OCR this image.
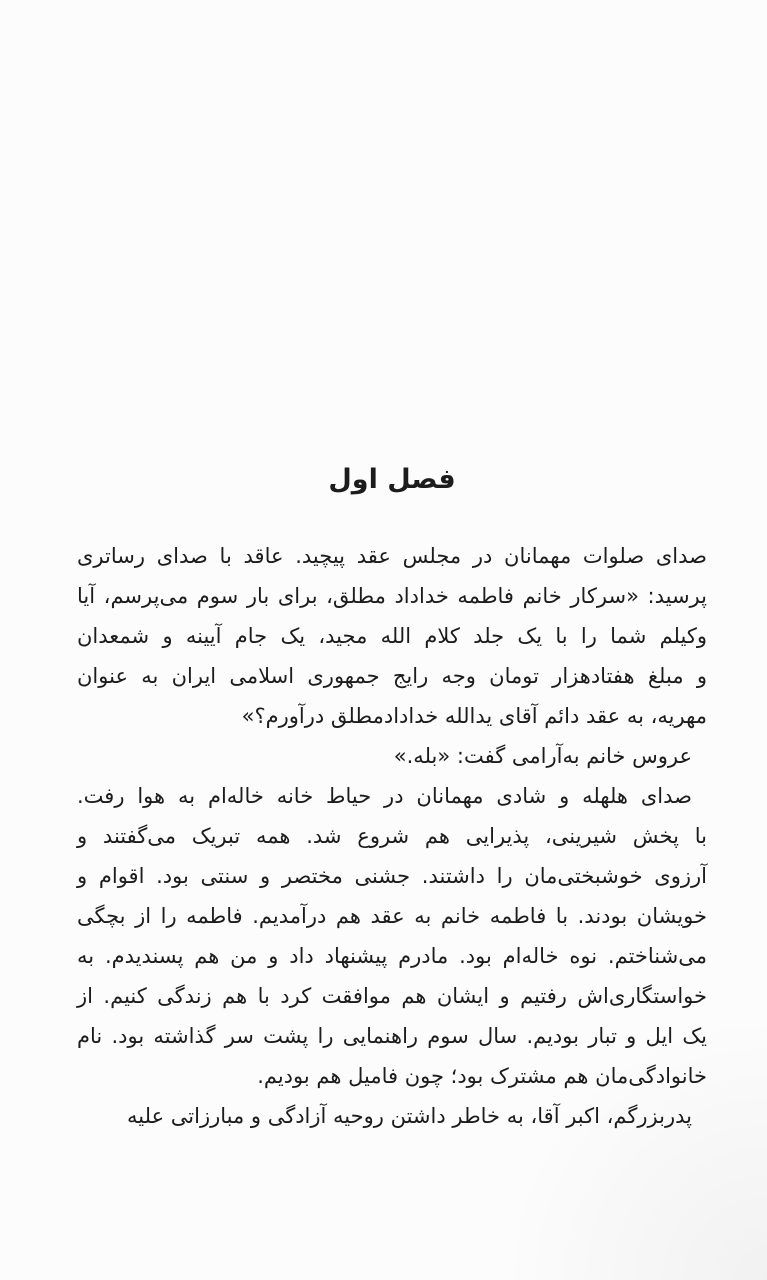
فصل اول
صدای صلوات مهمانان در مجلس عقد پیچید. عاقد با صدای رساتری
پرسید: «سرکار خانم فاطمه خداداد مطلق، برای بار سوم می‌پرسم، آیا
وکیلم شما را با یک جلد کلام الله مجید، یک جام آیینه و شمعدان
و مبلغ هفتادهزار تومان وجه رایج جمهوری اسلامی ایران به عنوان
مهریه، به عقد دائم آقای یدالله خدادادمطلق درآورم؟»
عروس خانم به‌آرامی گفت: «بله.»
صدای هلهله و شادی مهمانان در حیاط خانه خاله‌ام به هوا رفت.
با پخش شیرینی، پذیرایی هم شروع شد. همه تبریک می‌گفتند و
آرزوی خوشبختی‌مان را داشتند. جشنی مختصر و سنتی بود. اقوام و
خویشان بودند. با فاطمه خانم به عقد هم درآمدیم. فاطمه را از بچگی
می‌شناختم. نوه خاله‌ام بود. مادرم پیشنهاد داد و من هم پسندیدم. به
خواستگاری‌اش رفتیم و ایشان هم موافقت کرد با هم زندگی کنیم. از
یک ایل و تبار بودیم. سال سوم راهنمایی را پشت سر گذاشته بود. نام
خانوادگی‌مان هم مشترک بود؛ چون فامیل هم بودیم.
پدربزرگم، اکبر آقا، به خاطر داشتن روحیه آزادگی و مبارزاتی علیه
